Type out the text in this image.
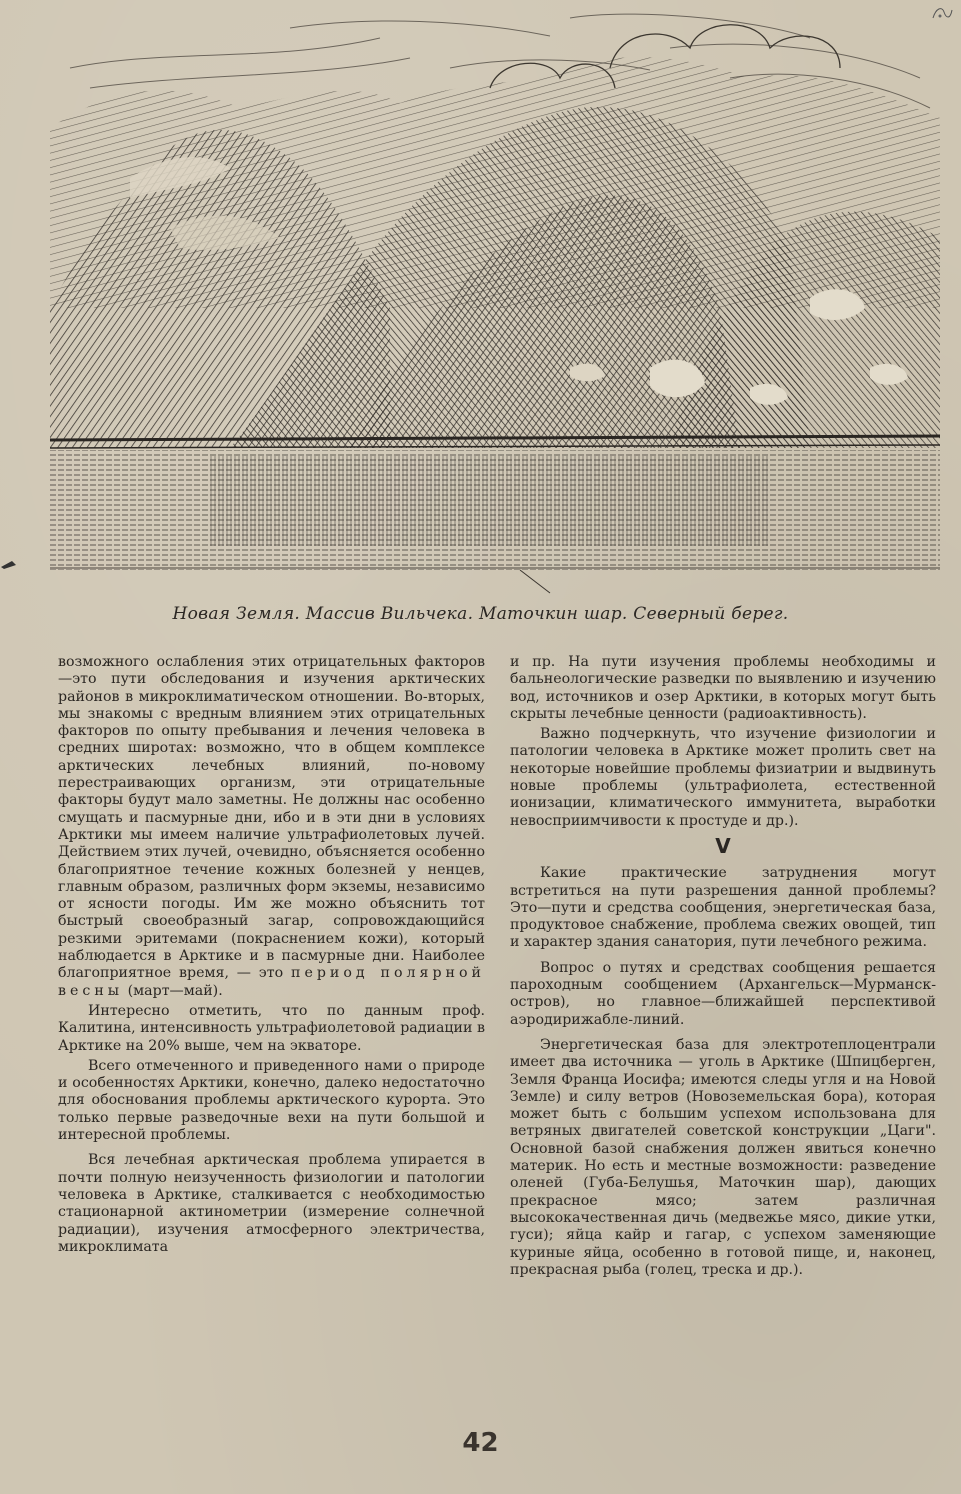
Новая Земля. Массив Вильчека. Маточкин шар. Северный берег.

возможного ослабления этих отрицательных факторов—это пути обследования и изучения арктических районов в микроклиматическом отношении. Во-вторых, мы знакомы с вредным влиянием этих отрицательных факторов по опыту пребывания и лечения человека в средних широтах: возможно, что в общем комплексе арктических лечебных влияний, по-новому перестраивающих организм, эти отрицательные факторы будут мало заметны. Не должны нас особенно смущать и пасмурные дни, ибо и в эти дни в условиях Арктики мы имеем наличие ультрафиолетовых лучей. Действием этих лучей, очевидно, объясняется особенно благоприятное течение кожных болезней у ненцев, главным образом, различных форм экземы, независимо от ясности погоды. Им же можно объяснить тот быстрый своеобразный загар, сопровождающийся резкими эритемами (покраснением кожи), который наблюдается в Арктике и в пасмурные дни. Наиболее благоприятное время, — это период полярной весны (март—май).

Интересно отметить, что по данным проф. Калитина, интенсивность ультрафиолетовой радиации в Арктике на 20% выше, чем на экваторе.

Всего отмеченного и приведенного нами о природе и особенностях Арктики, конечно, далеко недостаточно для обоснования проблемы арктического курорта. Это только первые разведочные вехи на пути большой и интересной проблемы.

Вся лечебная арктическая проблема упирается в почти полную неизученность физиологии и патологии человека в Арктике, сталкивается с необходимостью стационарной актинометрии (измерение солнечной радиации), изучения атмосферного электричества, микроклимата

и пр. На пути изучения проблемы необходимы и бальнеологические разведки по выявлению и изучению вод, источников и озер Арктики, в которых могут быть скрыты лечебные ценности (радиоактивность).

Важно подчеркнуть, что изучение физиологии и патологии человека в Арктике может пролить свет на некоторые новейшие проблемы физиатрии и выдвинуть новые проблемы (ультрафиолета, естественной ионизации, климатического иммунитета, выработки невосприимчивости к простуде и др.).

V

Какие практические затруднения могут встретиться на пути разрешения данной проблемы? Это—пути и средства сообщения, энергетическая база, продуктовое снабжение, проблема свежих овощей, тип и характер здания санатория, пути лечебного режима.

Вопрос о путях и средствах сообщения решается пароходным сообщением (Архангельск—Мурманск-остров), но главное—ближайшей перспективой аэродирижабле-линий.

Энергетическая база для электротеплоцентрали имеет два источника — уголь в Арктике (Шпицберген, Земля Франца Иосифа; имеются следы угля и на Новой Земле) и силу ветров (Новоземельская бора), которая может быть с большим успехом использована для ветряных двигателей советской конструкции „Цаги". Основной базой снабжения должен явиться конечно материк. Но есть и местные возможности: разведение оленей (Губа-Белушья, Маточкин шар), дающих прекрасное мясо; затем различная высококачественная дичь (медвежье мясо, дикие утки, гуси); яйца кайр и гагар, с успехом заменяющие куриные яйца, особенно в готовой пище, и, наконец, прекрасная рыба (голец, треска и др.).

42
